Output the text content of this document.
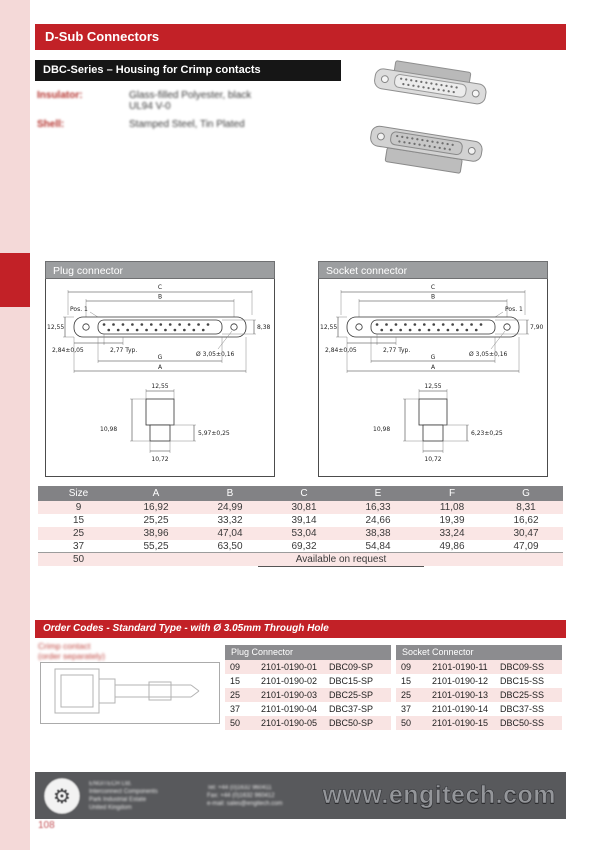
D-Sub Connectors
DBC-Series – Housing for Crimp contacts
Insulator:	Glass-filled Polyester, black
UL94 V-0
Shell:	Stamped Steel, Tin Plated
Plug connector
C
B
Pos. 1
12,55	8,38
Ø 3,05±0,16
2,84±0,05	2,77 Typ.
G
A
12,55
10,98
5,97±0,25
10,72
Socket connector
C
B
Pos. 1
12,55	7,90
Ø 3,05±0,16
2,84±0,05	2,77 Typ.
G
A
12,55
10,98
6,23±0,25
10,72
Size	A	B	C	E	F	G
9	16,92	24,99	30,81	16,33	11,08	8,31
15	25,25	33,32	39,14	24,66	19,39	16,62
25	38,96	47,04	53,04	38,38	33,24	30,47
37	55,25	63,50	69,32	54,84	49,86	47,09
50	Available on request
Order Codes - Standard Type - with Ø 3.05mm Through Hole
Crimp contact
(order separately)	Plug Connector
09	2101-0190-01	DBC09-SP
15	2101-0190-02	DBC15-SP
25	2101-0190-03	DBC25-SP
37	2101-0190-04	DBC37-SP
50	2101-0190-05	DBC50-SP
Socket Connector
09	2101-0190-11	DBC09-SS
15	2101-0190-12	DBC15-SS
25	2101-0190-13	DBC25-SS
37	2101-0190-14	DBC37-SS
50	2101-0190-15	DBC50-SS
⚙
ENGITECH Ltd.
Interconnect Components
Park Industrial Estate
United Kingdom
Tel: +44 (0)1632 960411
Fax: +44 (0)1632 960412
e-mail: sales@engitech.com www.engitech.com
108
